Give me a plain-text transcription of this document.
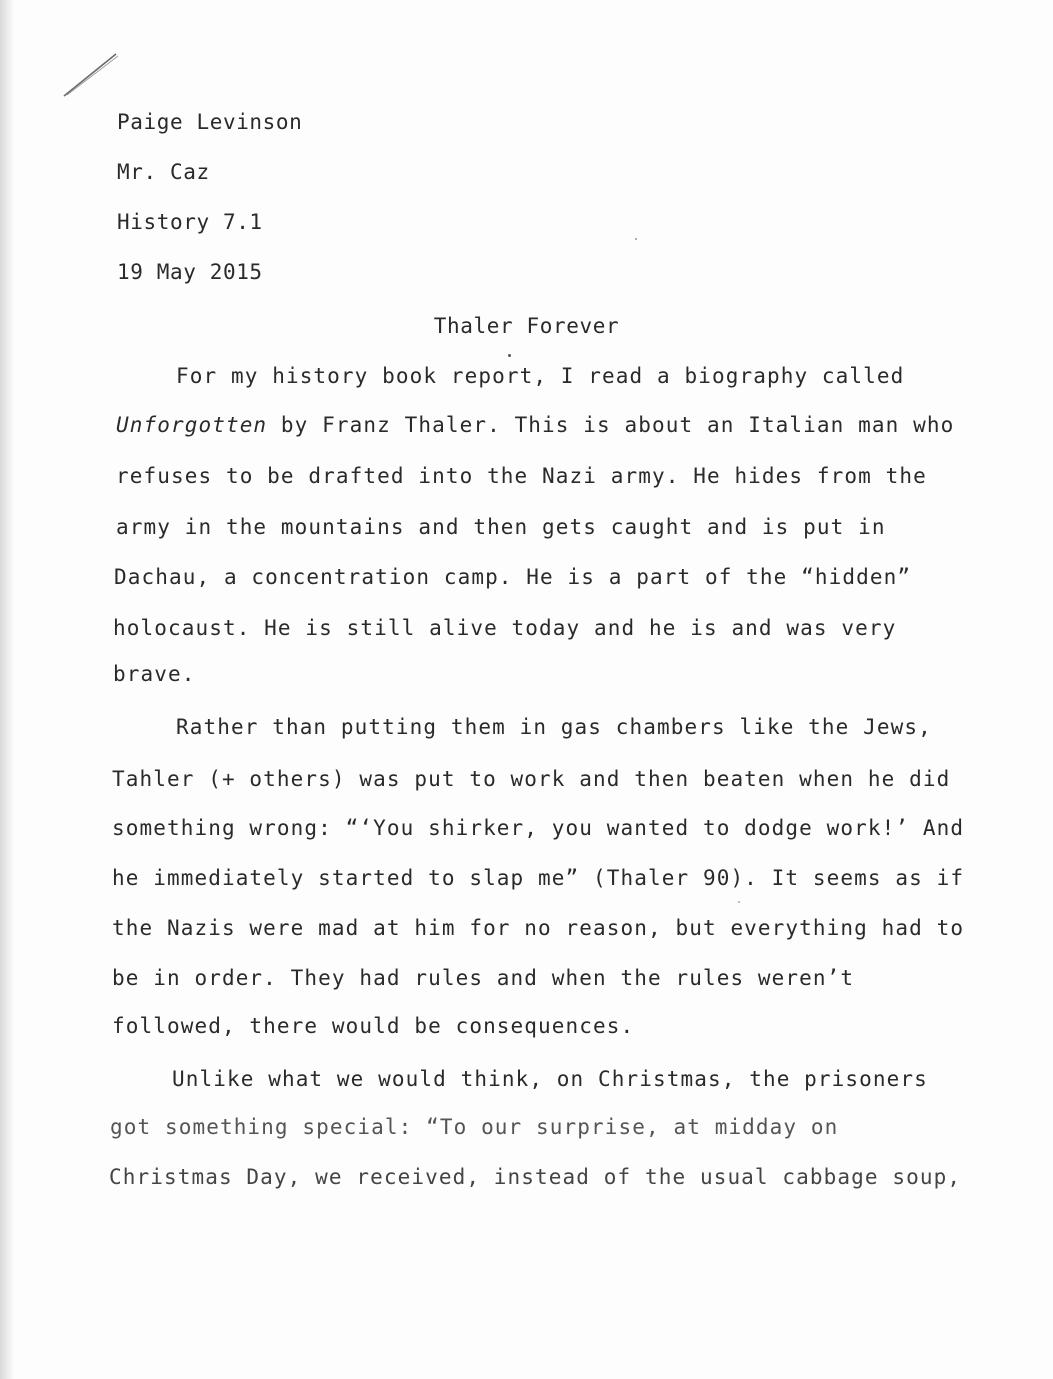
Paige Levinson
Mr. Caz
History 7.1
19 May 2015
Thaler Forever
For my history book report, I read a biography called
Unforgotten by Franz Thaler. This is about an Italian man who
refuses to be drafted into the Nazi army. He hides from the
army in the mountains and then gets caught and is put in
Dachau, a concentration camp. He is a part of the “hidden”
holocaust. He is still alive today and he is and was very
brave.
Rather than putting them in gas chambers like the Jews,
Tahler (+ others) was put to work and then beaten when he did
something wrong: “‘You shirker, you wanted to dodge work!’ And
he immediately started to slap me” (Thaler 90). It seems as if
the Nazis were mad at him for no reason, but everything had to
be in order. They had rules and when the rules weren’t
followed, there would be consequences.
Unlike what we would think, on Christmas, the prisoners
got something special: “To our surprise, at midday on
Christmas Day, we received, instead of the usual cabbage soup,
